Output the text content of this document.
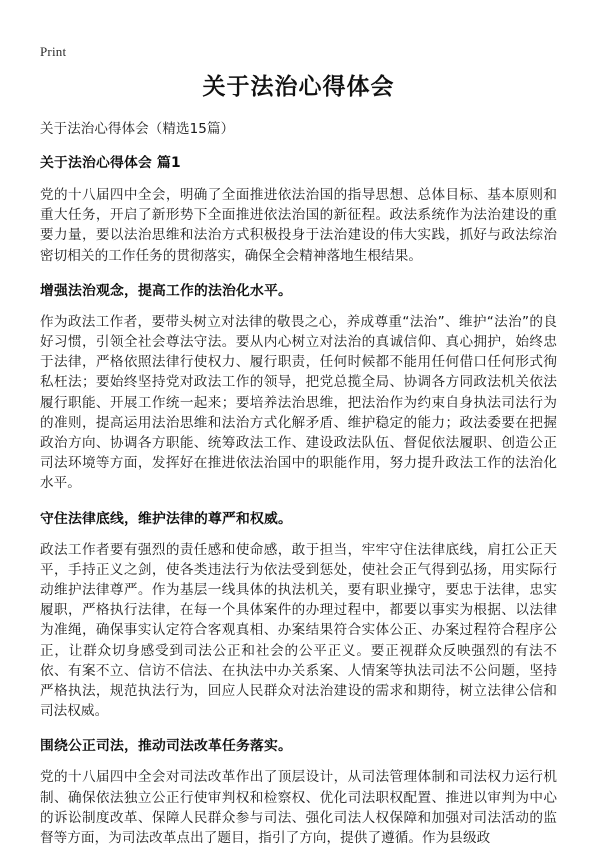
Print
关于法治心得体会

关于法治心得体会（精选15篇）

关于法治心得体会 篇1

党的十八届四中全会，明确了全面推进依法治国的指导思想、总体目标、基本原则和重大任务，开启了新形势下全面推进依法治国的新征程。政法系统作为法治建设的重要力量，要以法治思维和法治方式积极投身于法治建设的伟大实践，抓好与政法综治密切相关的工作任务的贯彻落实，确保全会精神落地生根结果。

增强法治观念，提高工作的法治化水平。

作为政法工作者，要带头树立对法律的敬畏之心，养成尊重“法治”、维护“法治”的良好习惯，引领全社会尊法守法。要从内心树立对法治的真诚信仰、真心拥护，始终忠于法律，严格依照法律行使权力、履行职责，任何时候都不能用任何借口任何形式徇私枉法；要始终坚持党对政法工作的领导，把党总揽全局、协调各方同政法机关依法履行职能、开展工作统一起来；要培养法治思维，把法治作为约束自身执法司法行为的准则，提高运用法治思维和法治方式化解矛盾、维护稳定的能力；政法委要在把握政治方向、协调各方职能、统筹政法工作、建设政法队伍、督促依法履职、创造公正司法环境等方面，发挥好在推进依法治国中的职能作用，努力提升政法工作的法治化水平。

守住法律底线，维护法律的尊严和权威。

政法工作者要有强烈的责任感和使命感，敢于担当，牢牢守住法律底线，肩扛公正天平，手持正义之剑，使各类违法行为依法受到惩处，使社会正气得到弘扬，用实际行动维护法律尊严。作为基层一线具体的执法机关，要有职业操守，要忠于法律，忠实履职，严格执行法律，在每一个具体案件的办理过程中，都要以事实为根据、以法律为准绳，确保事实认定符合客观真相、办案结果符合实体公正、办案过程符合程序公正，让群众切身感受到司法公正和社会的公平正义。要正视群众反映强烈的有法不依、有案不立、信访不信法、在执法中办关系案、人情案等执法司法不公问题，坚持严格执法，规范执法行为，回应人民群众对法治建设的需求和期待，树立法律公信和司法权威。

围绕公正司法，推动司法改革任务落实。

党的十八届四中全会对司法改革作出了顶层设计，从司法管理体制和司法权力运行机制、确保依法独立公正行使审判权和检察权、优化司法职权配置、推进以审判为中心的诉讼制度改革、保障人民群众参与司法、强化司法人权保障和加强对司法活动的监督等方面，为司法改革点出了题目，指引了方向，提供了遵循。作为县级政
